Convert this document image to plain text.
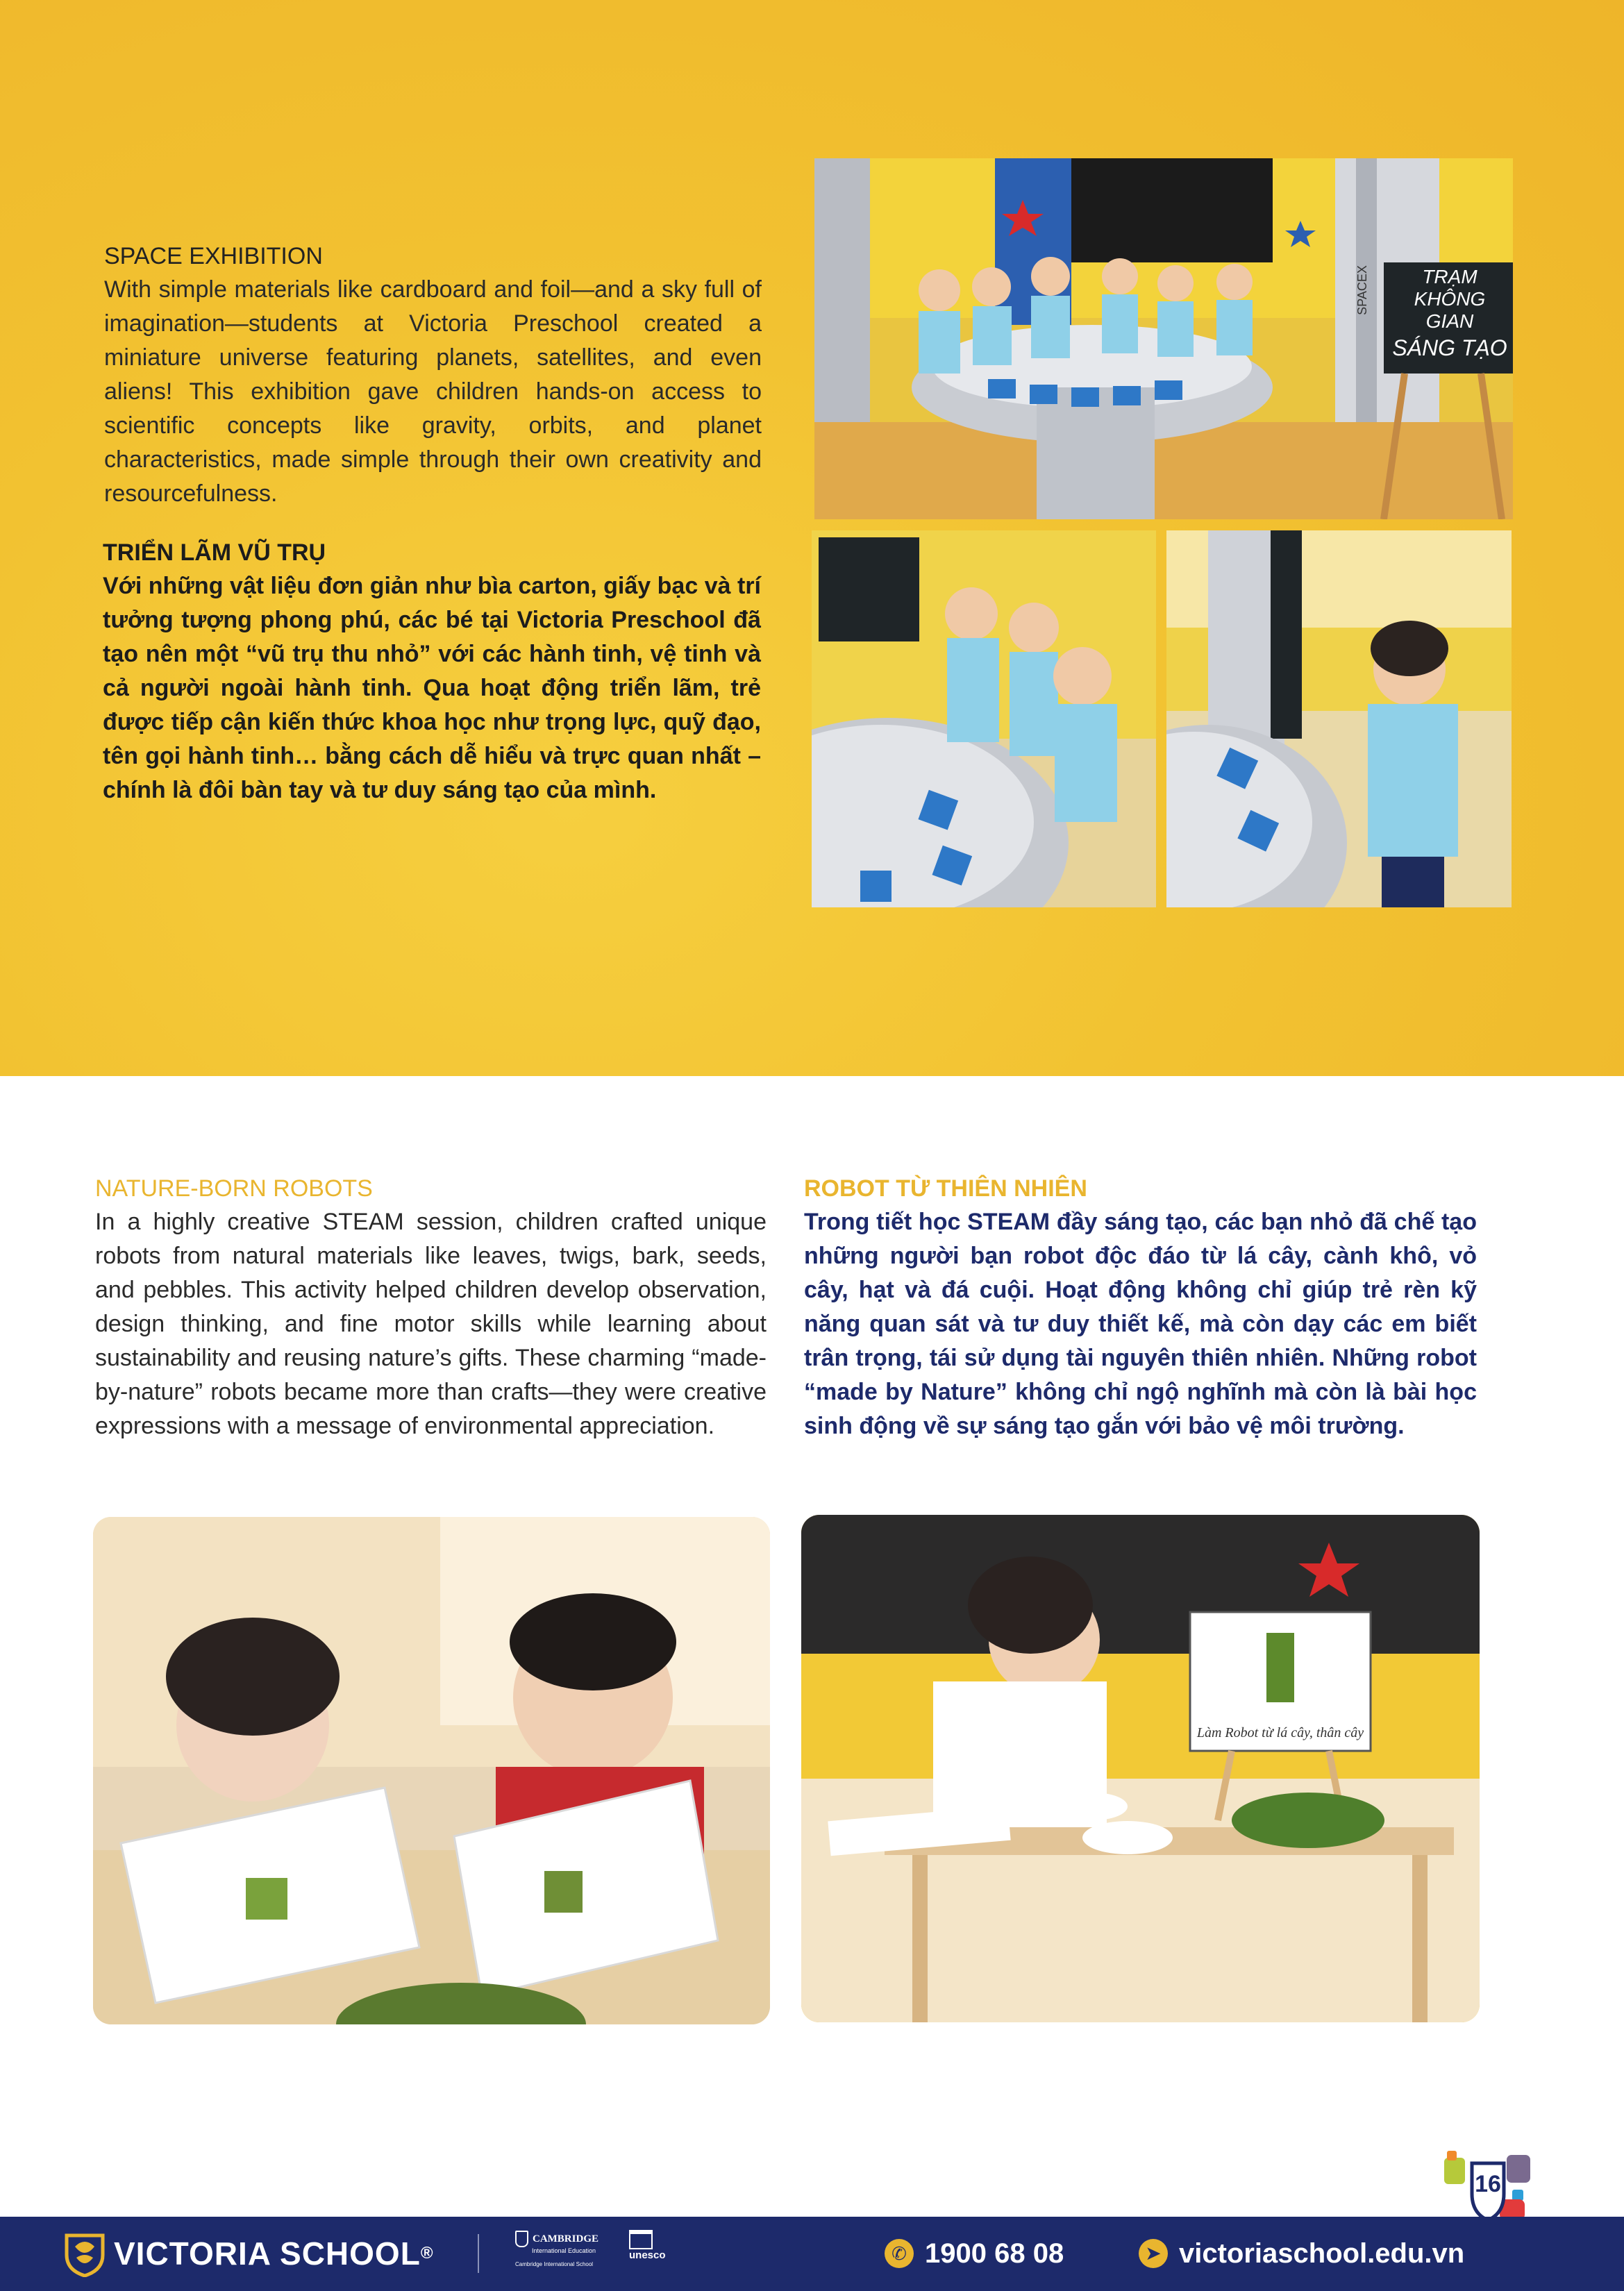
SPACE EXHIBITION

With simple materials like cardboard and foil—and a sky full of imagination—students at Victoria Preschool created a miniature universe featuring planets, satellites, and even aliens! This exhibition gave children hands-on access to scientific concepts like gravity, orbits, and planet characteristics, made simple through their own creativity and resourcefulness.

TRIỂN LÃM VŨ TRỤ

Với những vật liệu đơn giản như bìa carton, giấy bạc và trí tưởng tượng phong phú, các bé tại Victoria Preschool đã tạo nên một “vũ trụ thu nhỏ” với các hành tinh, vệ tinh và cả người ngoài hành tinh. Qua hoạt động triển lãm, trẻ được tiếp cận kiến thức khoa học như trọng lực, quỹ đạo, tên gọi hành tinh… bằng cách dễ hiểu và trực quan nhất – chính là đôi bàn tay và tư duy sáng tạo của mình.

TRẠM
KHÔNG
GIAN
SÁNG TẠO
SPACEX

NATURE-BORN ROBOTS

In a highly creative STEAM session, children crafted unique robots from natural materials like leaves, twigs, bark, seeds, and pebbles. This activity helped children develop observation, design thinking, and fine motor skills while learning about sustainability and reusing nature’s gifts. These charming “made-by-nature” robots became more than crafts—they were creative expressions with a message of environmental appreciation.

ROBOT TỪ THIÊN NHIÊN

Trong tiết học STEAM đầy sáng tạo, các bạn nhỏ đã chế tạo những người bạn robot độc đáo từ lá cây, cành khô, vỏ cây, hạt và đá cuội. Hoạt động không chỉ giúp trẻ rèn kỹ năng quan sát và tư duy thiết kế, mà còn dạy các em biết trân trọng, tái sử dụng tài nguyên thiên nhiên. Những robot “made by Nature” không chỉ ngộ nghĩnh mà còn là bài học sinh động về sự sáng tạo gắn với bảo vệ môi trường.

Làm Robot từ lá cây, thân cây
16
VICTORIA SCHOOL®
CAMBRIDGE
International Education
Cambridge International School
unesco	✆ 1900 68 08	➤ victoriaschool.edu.vn
